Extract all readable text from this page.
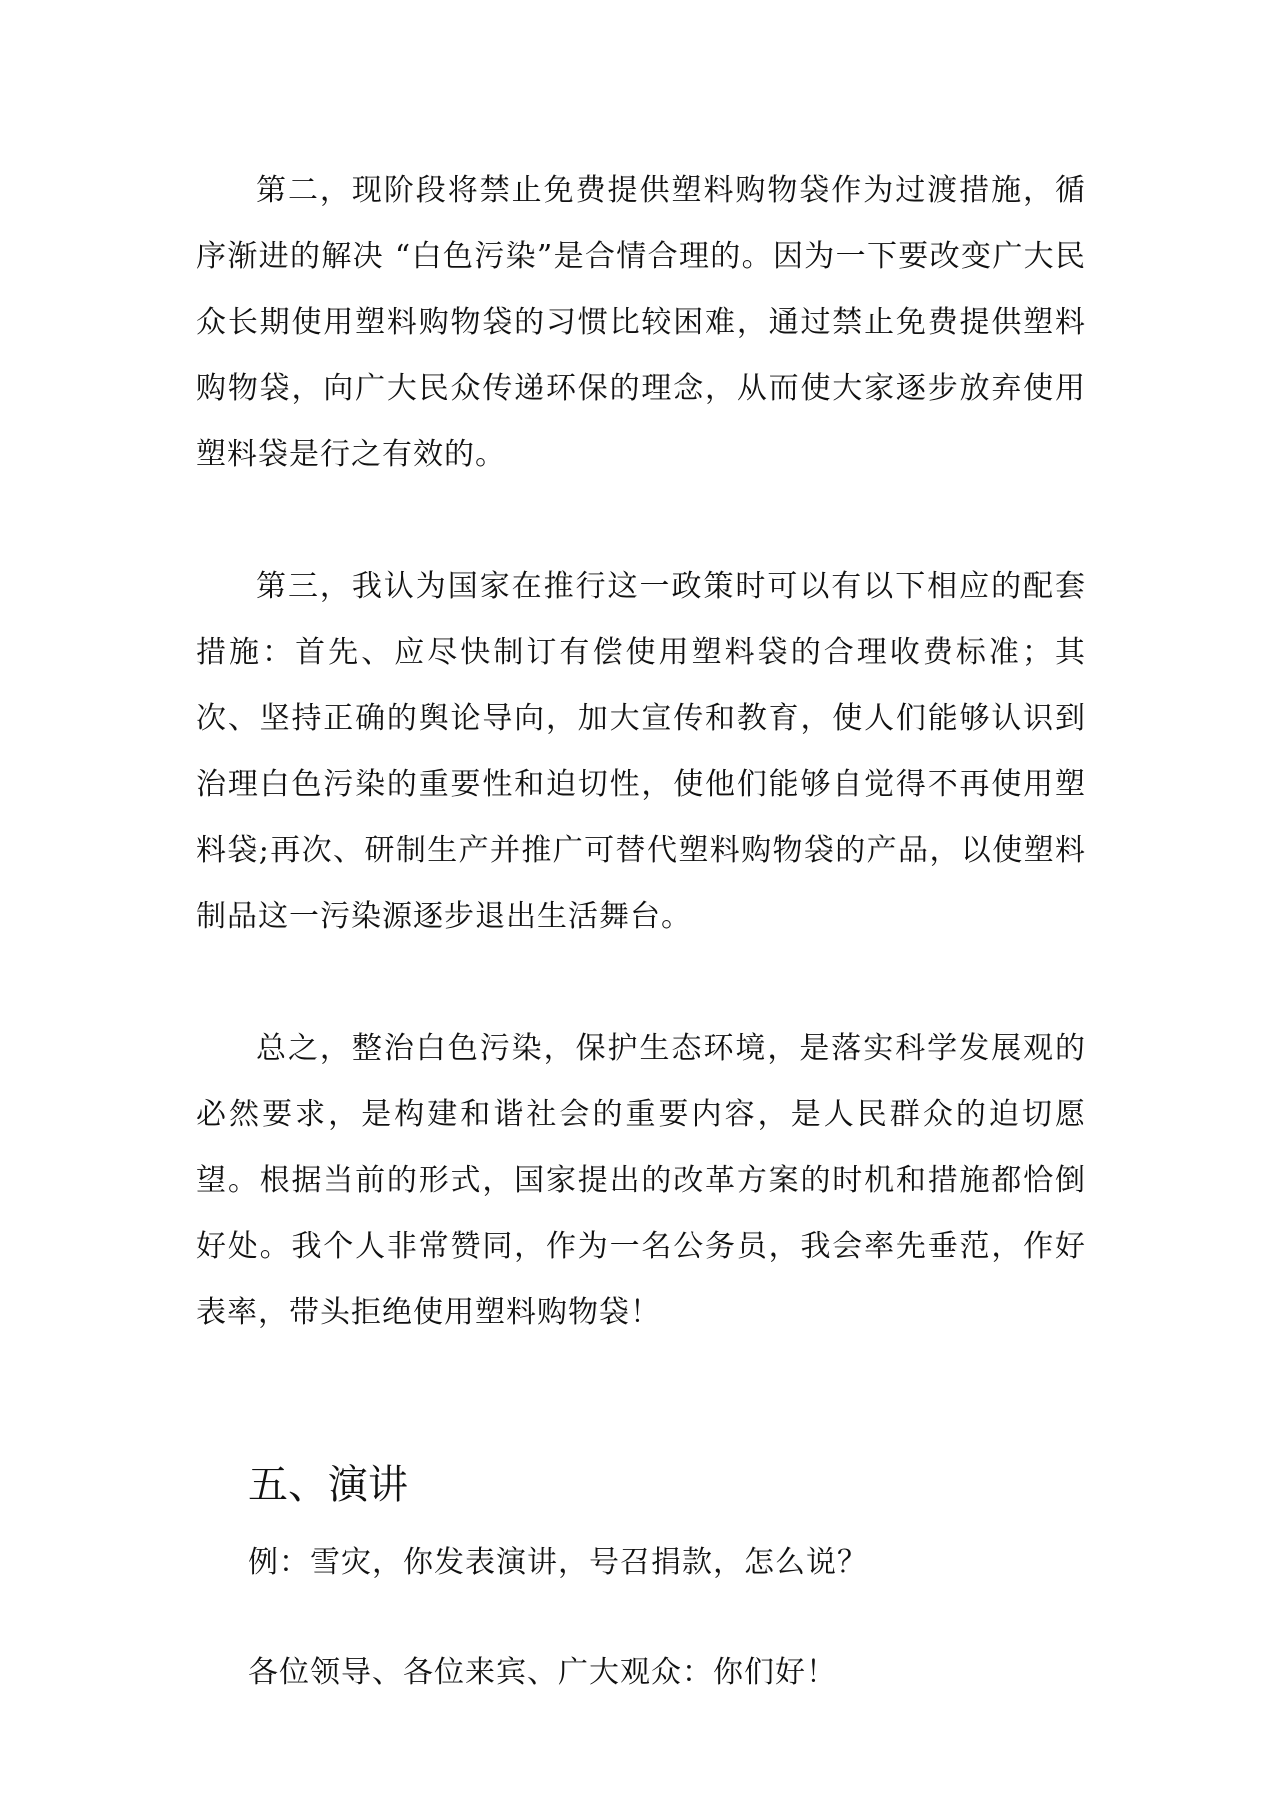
第二，现阶段将禁止免费提供塑料购物袋作为过渡措施，循序渐进的解决 “白色污染”是合情合理的。因为一下要改变广大民众长期使用塑料购物袋的习惯比较困难，通过禁止免费提供塑料购物袋，向广大民众传递环保的理念，从而使大家逐步放弃使用塑料袋是行之有效的。

第三，我认为国家在推行这一政策时可以有以下相应的配套措施：首先、应尽快制订有偿使用塑料袋的合理收费标准；其次、坚持正确的舆论导向，加大宣传和教育，使人们能够认识到治理白色污染的重要性和迫切性，使他们能够自觉得不再使用塑料袋;再次、研制生产并推广可替代塑料购物袋的产品，以使塑料制品这一污染源逐步退出生活舞台。

总之，整治白色污染，保护生态环境，是落实科学发展观的必然要求，是构建和谐社会的重要内容，是人民群众的迫切愿望。根据当前的形式，国家提出的改革方案的时机和措施都恰倒好处。我个人非常赞同，作为一名公务员，我会率先垂范，作好表率，带头拒绝使用塑料购物袋！

五、演讲

例：雪灾，你发表演讲，号召捐款，怎么说？

各位领导、各位来宾、广大观众：你们好！
